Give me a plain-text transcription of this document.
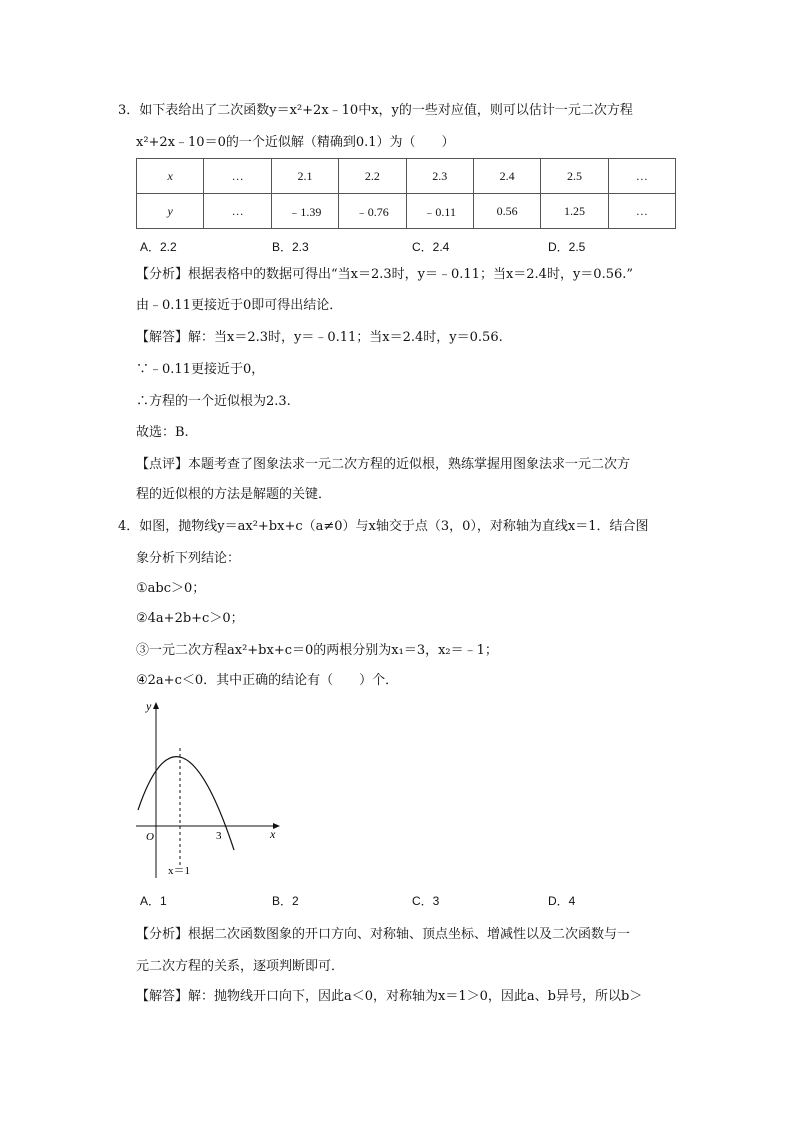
3．如下表给出了二次函数y＝x²+2x﹣10中x，y的一些对应值，则可以估计一元二次方程
x²+2x﹣10＝0的一个近似解（精确到0.1）为（　　）
x	…	2.1	2.2	2.3	2.4	2.5	…
y	…	﹣1.39	﹣0.76	﹣0.11	0.56	1.25	…
A．2.2	B．2.3	C．2.4	D．2.5
【分析】根据表格中的数据可得出“当x＝2.3时，y＝﹣0.11；当x＝2.4时，y＝0.56.”
由﹣0.11更接近于0即可得出结论．
【解答】解：当x＝2.3时，y＝﹣0.11；当x＝2.4时，y＝0.56.
∵﹣0.11更接近于0，
∴方程的一个近似根为2.3.
故选：B.
【点评】本题考查了图象法求一元二次方程的近似根，熟练掌握用图象法求一元二次方
程的近似根的方法是解题的关键．
4．如图，抛物线y＝ax²+bx+c（a≠0）与x轴交于点（3，0），对称轴为直线x＝1．结合图
象分析下列结论：
①abc＞0；
②4a+2b+c＞0；
③一元二次方程ax²+bx+c＝0的两根分别为x₁＝3，x₂＝﹣1；
④2a+c＜0．其中正确的结论有（　　）个．
y
x
O	3
x＝1
A．1	B．2	C．3	D．4
【分析】根据二次函数图象的开口方向、对称轴、顶点坐标、增减性以及二次函数与一
元二次方程的关系，逐项判断即可．
【解答】解：抛物线开口向下，因此a＜0，对称轴为x＝1＞0，因此a、b异号，所以b＞
